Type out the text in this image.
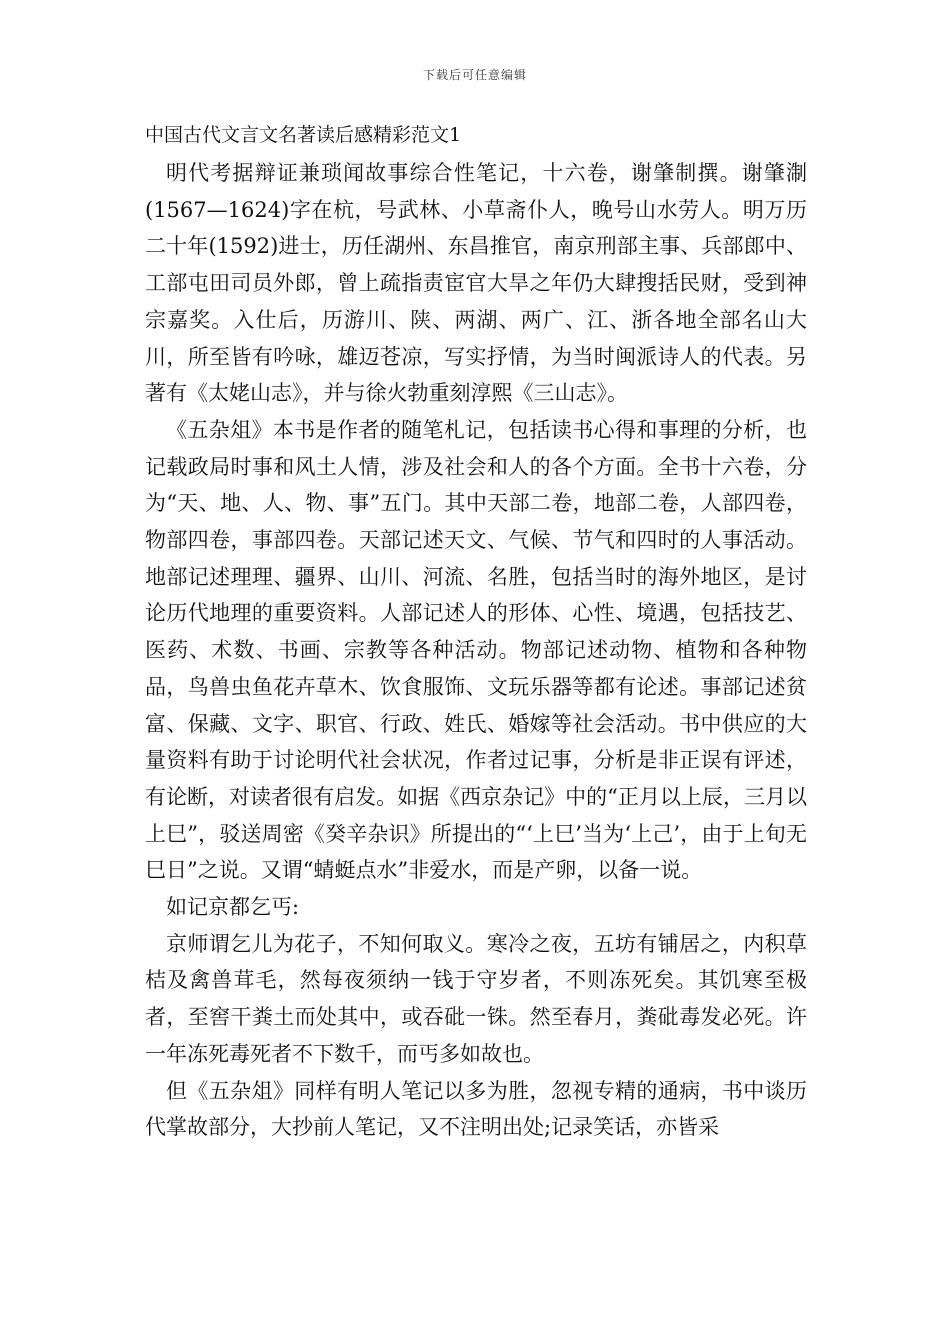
下载后可任意编辑
中国古代文言文名著读后感精彩范文1

明代考据辩证兼琐闻故事综合性笔记，十六卷，谢肇制撰。谢肇淛(1567—1624)字在杭，号武林、小草斋仆人，晚号山水劳人。明万历二十年(1592)进士，历任湖州、东昌推官，南京刑部主事、兵部郎中、工部屯田司员外郎，曾上疏指责宦官大旱之年仍大肆搜括民财，受到神宗嘉奖。入仕后，历游川、陕、两湖、两广、江、浙各地全部名山大川，所至皆有吟咏，雄迈苍凉，写实抒情，为当时闽派诗人的代表。另著有《太姥山志》，并与徐火勃重刻淳熙《三山志》。

《五杂俎》本书是作者的随笔札记，包括读书心得和事理的分析，也记载政局时事和风土人情，涉及社会和人的各个方面。全书十六卷，分为“天、地、人、物、事”五门。其中天部二卷，地部二卷，人部四卷，物部四卷，事部四卷。天部记述天文、气候、节气和四时的人事活动。地部记述理理、疆界、山川、河流、名胜，包括当时的海外地区，是讨论历代地理的重要资料。人部记述人的形体、心性、境遇，包括技艺、医药、术数、书画、宗教等各种活动。物部记述动物、植物和各种物品，鸟兽虫鱼花卉草木、饮食服饰、文玩乐器等都有论述。事部记述贫富、保藏、文字、职官、行政、姓氏、婚嫁等社会活动。书中供应的大量资料有助于讨论明代社会状况，作者过记事，分析是非正误有评述，有论断，对读者很有启发。如据《西京杂记》中的“正月以上辰，三月以上巳”，驳送周密《癸辛杂识》所提出的“‘上巳’当为‘上己’，由于上旬无巳日”之说。又谓“蜻蜓点水”非爱水，而是产卵，以备一说。

如记京都乞丐:

京师谓乞儿为花子，不知何取义。寒冷之夜，五坊有铺居之，内积草桔及禽兽茸毛，然每夜须纳一钱于守岁者，不则冻死矣。其饥寒至极者，至窖干粪土而处其中，或吞砒一铢。然至春月，粪砒毒发必死。许一年冻死毒死者不下数千，而丐多如故也。

但《五杂俎》同样有明人笔记以多为胜，忽视专精的通病，书中谈历代掌故部分，大抄前人笔记，又不注明出处;记录笑话，亦皆采
